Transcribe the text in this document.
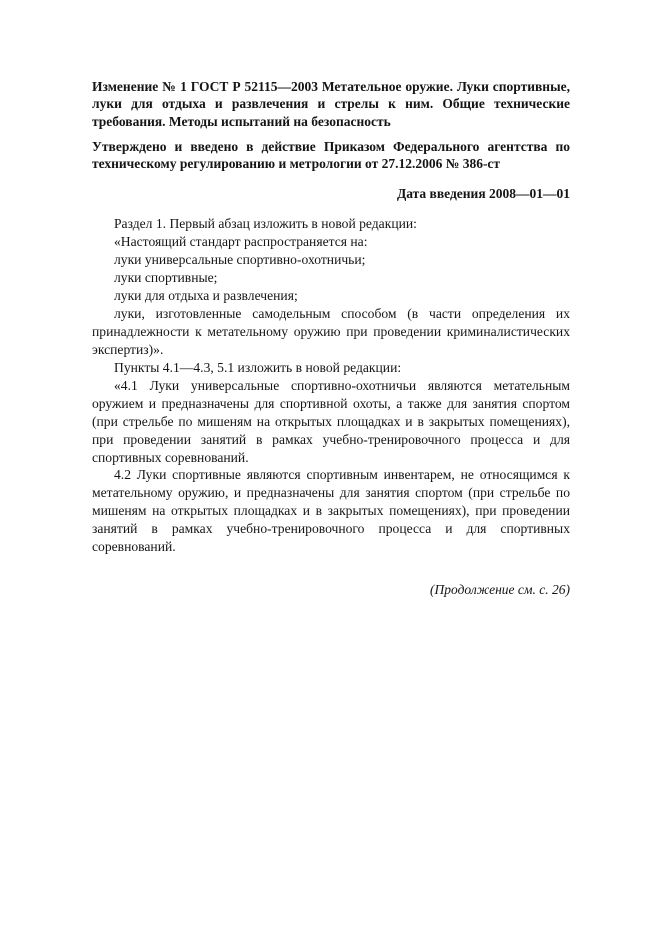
Изменение № 1 ГОСТ Р 52115—2003 Метательное оружие. Луки спортивные, луки для отдыха и развлечения и стрелы к ним. Общие технические требования. Методы испытаний на безопасность

Утверждено и введено в действие Приказом Федерального агентства по техническому регулированию и метрологии от 27.12.2006 № 386-ст

Дата введения 2008—01—01

Раздел 1. Первый абзац изложить в новой редакции:

«Настоящий стандарт распространяется на:

луки универсальные спортивно-охотничьи;

луки спортивные;

луки для отдыха и развлечения;

луки, изготовленные самодельным способом (в части определения их принадлежности к метательному оружию при проведении криминалистических экспертиз)».

Пункты 4.1—4.3, 5.1 изложить в новой редакции:

«4.1 Луки универсальные спортивно-охотничьи являются метательным оружием и предназначены для спортивной охоты, а также для занятия спортом (при стрельбе по мишеням на открытых площадках и в закрытых помещениях), при проведении занятий в рамках учебно-тренировочного процесса и для спортивных соревнований.

4.2 Луки спортивные являются спортивным инвентарем, не относящимся к метательному оружию, и предназначены для занятия спортом (при стрельбе по мишеням на открытых площадках и в закрытых помещениях), при проведении занятий в рамках учебно-тренировочного процесса и для спортивных соревнований.

(Продолжение см. с. 26)
